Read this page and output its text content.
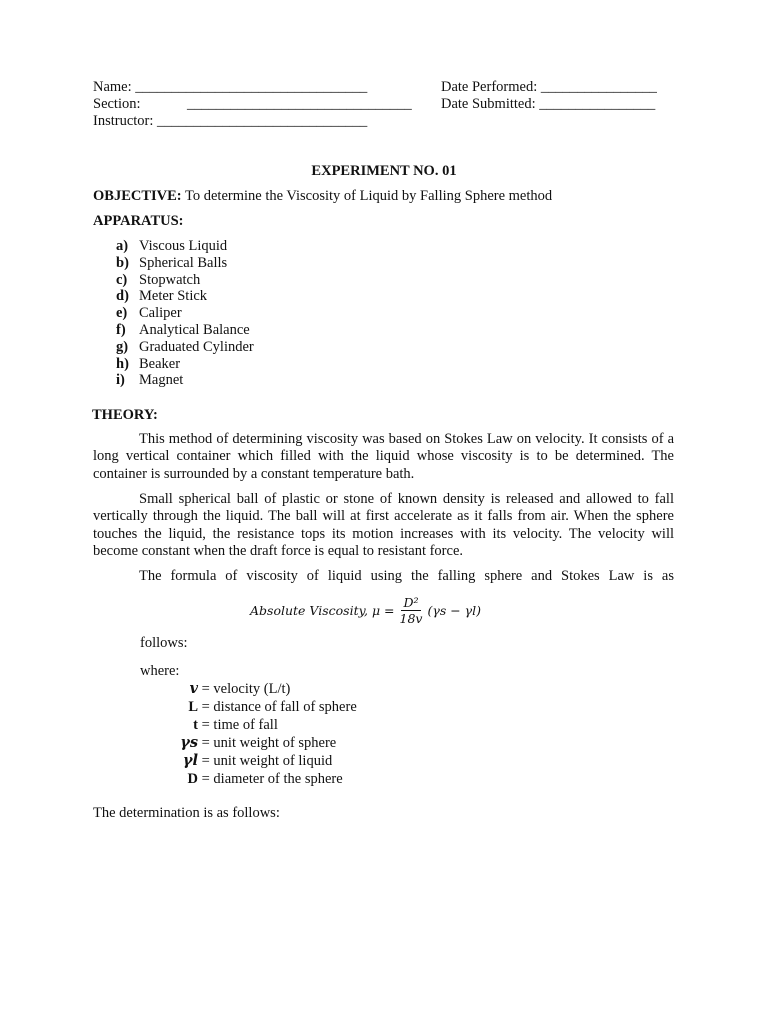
Name: ________________________________
Section:	_______________________________
Instructor: _____________________________
Date Performed: ________________
Date Submitted: ________________
EXPERIMENT NO. 01
OBJECTIVE: To determine the Viscosity of Liquid by Falling Sphere method
APPARATUS:
a) Viscous Liquid
b) Spherical Balls
c) Stopwatch
d) Meter Stick
e) Caliper
f) Analytical Balance
g) Graduated Cylinder
h) Beaker
i) Magnet
THEORY:

This method of determining viscosity was based on Stokes Law on velocity. It consists of a long vertical container which filled with the liquid whose viscosity is to be determined. The container is surrounded by a constant temperature bath.

Small spherical ball of plastic or stone of known density is released and allowed to fall vertically through the liquid. The ball will at first accelerate as it falls from air. When the sphere touches the liquid, the resistance tops its motion increases with its velocity. The velocity will become constant when the draft force is equal to resistant force.

The formula of viscosity of liquid using the falling sphere and Stokes Law is as

Absolute Viscosity, $\mu = \frac{\text{D²}}{18v} (\gamma s - \gamma l)$
follows:
where:
v = velocity (L/t)
L = distance of fall of sphere
t = time of fall
γs = unit weight of sphere
γl = unit weight of liquid
D = diameter of the sphere
The determination is as follows:
